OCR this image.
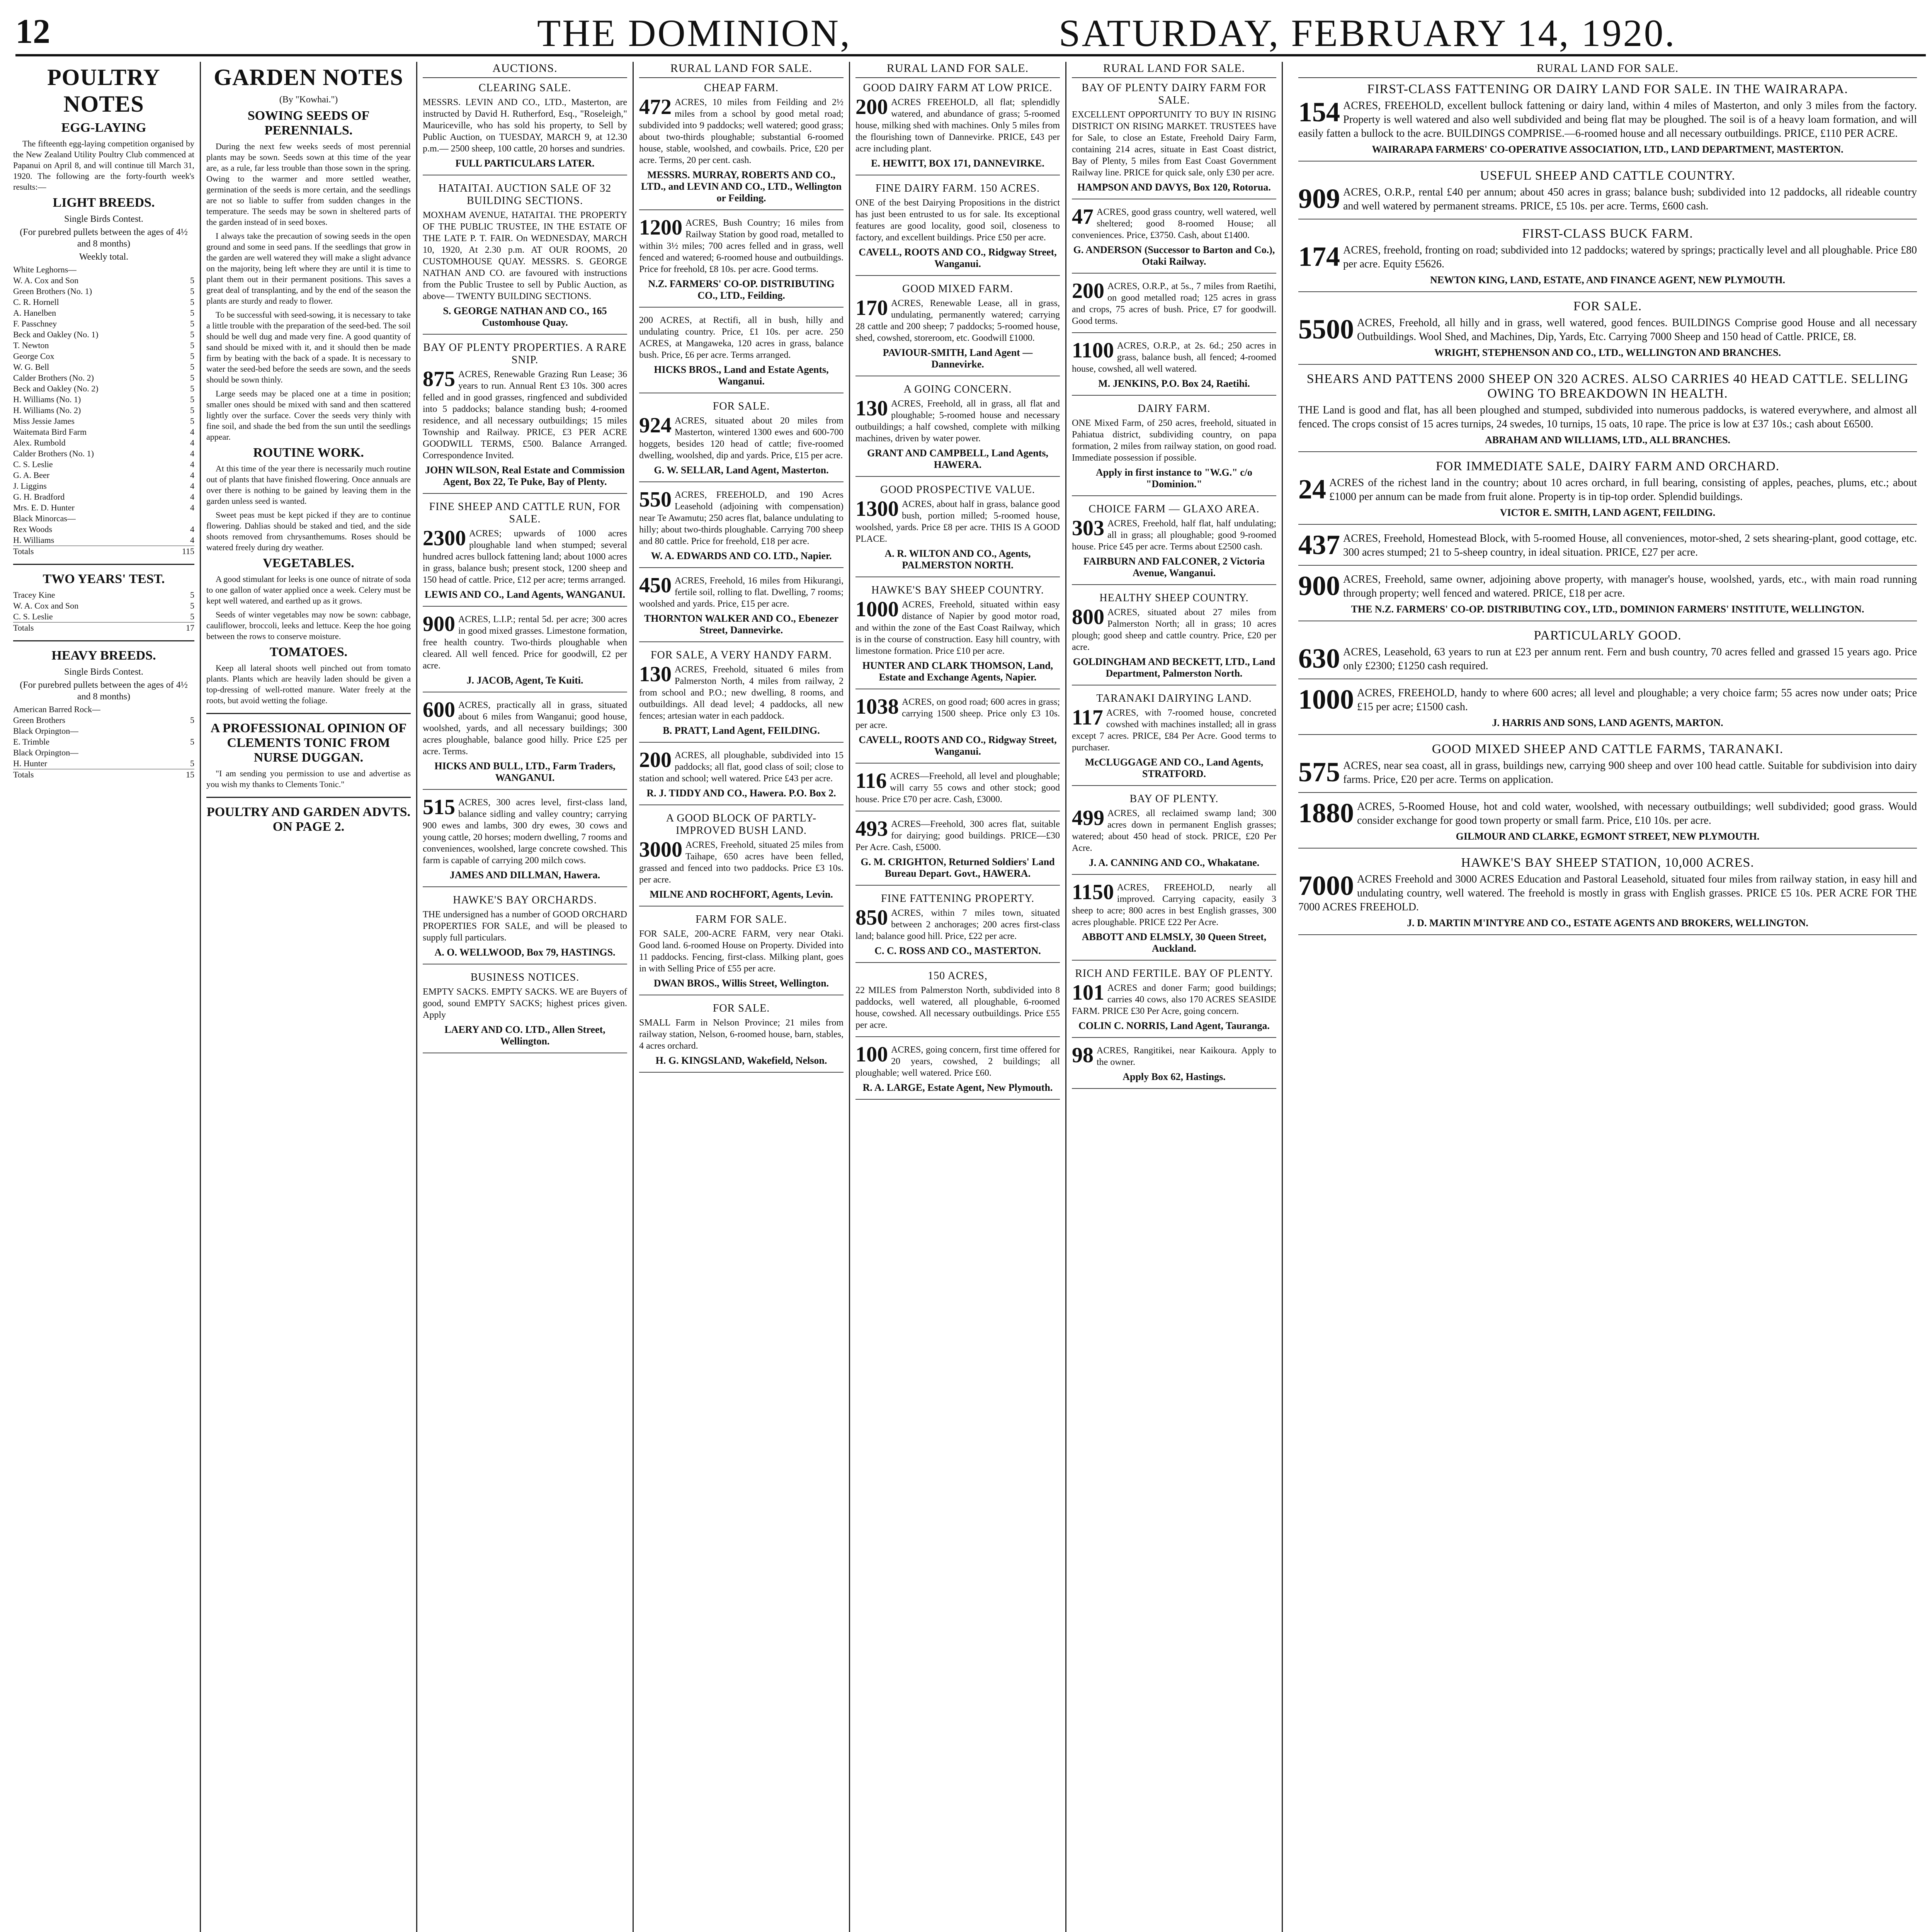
12	THE DOMINION,	SATURDAY, FEBRUARY 14, 1920.
POULTRY NOTES
EGG-LAYING

The fifteenth egg-laying competition organised by the New Zealand Utility Poultry Club commenced at Papanui on April 8, and will continue till March 31, 1920. The following are the forty-fourth week's results:—

LIGHT BREEDS.
Single Birds Contest.
(For purebred pullets between the ages of 4½ and 8 months)
Weekly total.
White Leghorns—
W. A. Cox and Son	5
Green Brothers (No. 1)	5
C. R. Hornell	5
A. Hanelben	5
F. Passchney	5
Beck and Oakley (No. 1)	5
T. Newton	5
George Cox	5
W. G. Bell	5
Calder Brothers (No. 2)	5
Beck and Oakley (No. 2)	5
H. Williams (No. 1)	5
H. Williams (No. 2)	5
Miss Jessie James	5
Waitemata Bird Farm	4
Alex. Rumbold	4
Calder Brothers (No. 1)	4
C. S. Leslie	4
G. A. Beer	4
J. Liggins	4
G. H. Bradford	4
Mrs. E. D. Hunter	4
Black Minorcas—
Rex Woods	4
H. Williams	4
Totals	115
TWO YEARS' TEST.
Tracey Kine	5
W. A. Cox and Son	5
C. S. Leslie	5
Totals	17
HEAVY BREEDS.
Single Birds Contest.
(For purebred pullets between the ages of 4½ and 8 months)
American Barred Rock—
Green Brothers	5
Black Orpington—
E. Trimble	5
Black Orpington—
H. Hunter	5
Totals	15
GARDEN NOTES
(By "Kowhai.")
SOWING SEEDS OF PERENNIALS.

During the next few weeks seeds of most perennial plants may be sown. Seeds sown at this time of the year are, as a rule, far less trouble than those sown in the spring. Owing to the warmer and more settled weather, germination of the seeds is more certain, and the seedlings are not so liable to suffer from sudden changes in the temperature. The seeds may be sown in sheltered parts of the garden instead of in seed boxes.

I always take the precaution of sowing seeds in the open ground and some in seed pans. If the seedlings that grow in the garden are well watered they will make a slight advance on the majority, being left where they are until it is time to plant them out in their permanent positions. This saves a great deal of transplanting, and by the end of the season the plants are sturdy and ready to flower.

To be successful with seed-sowing, it is necessary to take a little trouble with the preparation of the seed-bed. The soil should be well dug and made very fine. A good quantity of sand should be mixed with it, and it should then be made firm by beating with the back of a spade. It is necessary to water the seed-bed before the seeds are sown, and the seeds should be sown thinly.

Large seeds may be placed one at a time in position; smaller ones should be mixed with sand and then scattered lightly over the surface. Cover the seeds very thinly with fine soil, and shade the bed from the sun until the seedlings appear.

ROUTINE WORK.

At this time of the year there is necessarily much routine out of plants that have finished flowering. Once annuals are over there is nothing to be gained by leaving them in the garden unless seed is wanted.

Sweet peas must be kept picked if they are to continue flowering. Dahlias should be staked and tied, and the side shoots removed from chrysanthemums. Roses should be watered freely during dry weather.

VEGETABLES.

A good stimulant for leeks is one ounce of nitrate of soda to one gallon of water applied once a week. Celery must be kept well watered, and earthed up as it grows.

Seeds of winter vegetables may now be sown: cabbage, cauliflower, broccoli, leeks and lettuce. Keep the hoe going between the rows to conserve moisture.

TOMATOES.

Keep all lateral shoots well pinched out from tomato plants. Plants which are heavily laden should be given a top-dressing of well-rotted manure. Water freely at the roots, but avoid wetting the foliage.

A PROFESSIONAL OPINION OF CLEMENTS TONIC FROM NURSE DUGGAN.

"I am sending you permission to use and advertise as you wish my thanks to Clements Tonic."

POULTRY AND GARDEN ADVTS. ON PAGE 2.
AUCTIONS.
CLEARING SALE.
MESSRS. LEVIN AND CO., LTD., Masterton, are instructed by David H. Rutherford, Esq., "Roseleigh," Mauriceville, who has sold his property, to Sell by Public Auction, on TUESDAY, MARCH 9, at 12.30 p.m.— 2500 sheep, 100 cattle, 20 horses and sundries.
FULL PARTICULARS LATER.
HATAITAI. AUCTION SALE OF 32 BUILDING SECTIONS.
MOXHAM AVENUE, HATAITAI. THE PROPERTY OF THE PUBLIC TRUSTEE, IN THE ESTATE OF THE LATE P. T. FAIR. On WEDNESDAY, MARCH 10, 1920, At 2.30 p.m. AT OUR ROOMS, 20 CUSTOMHOUSE QUAY. MESSRS. S. GEORGE NATHAN AND CO. are favoured with instructions from the Public Trustee to sell by Public Auction, as above— TWENTY BUILDING SECTIONS.
S. GEORGE NATHAN AND CO., 165 Customhouse Quay.
BAY OF PLENTY PROPERTIES. A RARE SNIP.
875 ACRES, Renewable Grazing Run Lease; 36 years to run. Annual Rent £3 10s. 300 acres felled and in good grasses, ringfenced and subdivided into 5 paddocks; balance standing bush; 4-roomed residence, and all necessary outbuildings; 15 miles Township and Railway. PRICE, £3 PER ACRE GOODWILL TERMS, £500. Balance Arranged. Correspondence Invited.
JOHN WILSON, Real Estate and Commission Agent, Box 22, Te Puke, Bay of Plenty.
FINE SHEEP AND CATTLE RUN, FOR SALE.
2300 ACRES; upwards of 1000 acres ploughable land when stumped; several hundred acres bullock fattening land; about 1000 acres in grass, balance bush; present stock, 1200 sheep and 150 head of cattle. Price, £12 per acre; terms arranged.
LEWIS AND CO., Land Agents, WANGANUI.
900 ACRES, L.I.P.; rental 5d. per acre; 300 acres in good mixed grasses. Limestone formation, free health country. Two-thirds ploughable when cleared. All well fenced. Price for goodwill, £2 per acre.
J. JACOB, Agent, Te Kuiti.
600 ACRES, practically all in grass, situated about 6 miles from Wanganui; good house, woolshed, yards, and all necessary buildings; 300 acres ploughable, balance good hilly. Price £25 per acre. Terms.
HICKS AND BULL, LTD., Farm Traders, WANGANUI.
515 ACRES, 300 acres level, first-class land, balance sidling and valley country; carrying 900 ewes and lambs, 300 dry ewes, 30 cows and young cattle, 20 horses; modern dwelling, 7 rooms and conveniences, woolshed, large concrete cowshed. This farm is capable of carrying 200 milch cows.
JAMES AND DILLMAN, Hawera.
HAWKE'S BAY ORCHARDS.
THE undersigned has a number of GOOD ORCHARD PROPERTIES FOR SALE, and will be pleased to supply full particulars.
A. O. WELLWOOD, Box 79, HASTINGS.
BUSINESS NOTICES.
EMPTY SACKS. EMPTY SACKS. WE are Buyers of good, sound EMPTY SACKS; highest prices given. Apply
LAERY AND CO. LTD., Allen Street, Wellington.
RURAL LAND FOR SALE.
CHEAP FARM.
472 ACRES, 10 miles from Feilding and 2½ miles from a school by good metal road; subdivided into 9 paddocks; well watered; good grass; about two-thirds ploughable; substantial 6-roomed house, stable, woolshed, and cowbails. Price, £20 per acre. Terms, 20 per cent. cash.
MESSRS. MURRAY, ROBERTS AND CO., LTD., and LEVIN AND CO., LTD., Wellington or Feilding.
1200 ACRES, Bush Country; 16 miles from Railway Station by good road, metalled to within 3½ miles; 700 acres felled and in grass, well fenced and watered; 6-roomed house and outbuildings. Price for freehold, £8 10s. per acre. Good terms.
N.Z. FARMERS' CO-OP. DISTRIBUTING CO., LTD., Feilding.
200 ACRES, at Rectifi, all in bush, hilly and undulating country. Price, £1 10s. per acre. 250 ACRES, at Mangaweka, 120 acres in grass, balance bush. Price, £6 per acre. Terms arranged.
HICKS BROS., Land and Estate Agents, Wanganui.
FOR SALE.
924 ACRES, situated about 20 miles from Masterton, wintered 1300 ewes and 600-700 hoggets, besides 120 head of cattle; five-roomed dwelling, woolshed, dip and yards. Price, £15 per acre.
G. W. SELLAR, Land Agent, Masterton.
550 ACRES, FREEHOLD, and 190 Acres Leasehold (adjoining with compensation) near Te Awamutu; 250 acres flat, balance undulating to hilly; about two-thirds ploughable. Carrying 700 sheep and 80 cattle. Price for freehold, £18 per acre.
W. A. EDWARDS AND CO. LTD., Napier.
450 ACRES, Freehold, 16 miles from Hikurangi, fertile soil, rolling to flat. Dwelling, 7 rooms; woolshed and yards. Price, £15 per acre.
THORNTON WALKER AND CO., Ebenezer Street, Dannevirke.
FOR SALE, A VERY HANDY FARM.
130 ACRES, Freehold, situated 6 miles from Palmerston North, 4 miles from railway, 2 from school and P.O.; new dwelling, 8 rooms, and outbuildings. All dead level; 4 paddocks, all new fences; artesian water in each paddock.
B. PRATT, Land Agent, FEILDING.
200 ACRES, all ploughable, subdivided into 15 paddocks; all flat, good class of soil; close to station and school; well watered. Price £43 per acre.
R. J. TIDDY AND CO., Hawera. P.O. Box 2.
A GOOD BLOCK OF PARTLY-IMPROVED BUSH LAND.
3000 ACRES, Freehold, situated 25 miles from Taihape, 650 acres have been felled, grassed and fenced into two paddocks. Price £3 10s. per acre.
MILNE AND ROCHFORT, Agents, Levin.
FARM FOR SALE.
FOR SALE, 200-ACRE FARM, very near Otaki. Good land. 6-roomed House on Property. Divided into 11 paddocks. Fencing, first-class. Milking plant, goes in with Selling Price of £55 per acre.
DWAN BROS., Willis Street, Wellington.
FOR SALE.
SMALL Farm in Nelson Province; 21 miles from railway station, Nelson, 6-roomed house, barn, stables, 4 acres orchard.
H. G. KINGSLAND, Wakefield, Nelson.
RURAL LAND FOR SALE.
GOOD DAIRY FARM AT LOW PRICE.
200 ACRES FREEHOLD, all flat; splendidly watered, and abundance of grass; 5-roomed house, milking shed with machines. Only 5 miles from the flourishing town of Dannevirke. PRICE, £43 per acre including plant.
E. HEWITT, BOX 171, DANNEVIRKE.
FINE DAIRY FARM. 150 ACRES.
ONE of the best Dairying Propositions in the district has just been entrusted to us for sale. Its exceptional features are good locality, good soil, closeness to factory, and excellent buildings. Price £50 per acre.
CAVELL, ROOTS AND CO., Ridgway Street, Wanganui.
GOOD MIXED FARM.
170 ACRES, Renewable Lease, all in grass, undulating, permanently watered; carrying 28 cattle and 200 sheep; 7 paddocks; 5-roomed house, shed, cowshed, storeroom, etc. Goodwill £1000.
PAVIOUR-SMITH, Land Agent — Dannevirke.
A GOING CONCERN.
130 ACRES, Freehold, all in grass, all flat and ploughable; 5-roomed house and necessary outbuildings; a half cowshed, complete with milking machines, driven by water power.
GRANT AND CAMPBELL, Land Agents, HAWERA.
GOOD PROSPECTIVE VALUE.
1300 ACRES, about half in grass, balance good bush, portion milled; 5-roomed house, woolshed, yards. Price £8 per acre. THIS IS A GOOD PLACE.
A. R. WILTON AND CO., Agents, PALMERSTON NORTH.
HAWKE'S BAY SHEEP COUNTRY.
1000 ACRES, Freehold, situated within easy distance of Napier by good motor road, and within the zone of the East Coast Railway, which is in the course of construction. Easy hill country, with limestone formation. Price £10 per acre.
HUNTER AND CLARK THOMSON, Land, Estate and Exchange Agents, Napier.
1038 ACRES, on good road; 600 acres in grass; carrying 1500 sheep. Price only £3 10s. per acre.
CAVELL, ROOTS AND CO., Ridgway Street, Wanganui.
116 ACRES—Freehold, all level and ploughable; will carry 55 cows and other stock; good house. Price £70 per acre. Cash, £3000.
493 ACRES—Freehold, 300 acres flat, suitable for dairying; good buildings. PRICE—£30 Per Acre. Cash, £5000.
G. M. CRIGHTON, Returned Soldiers' Land Bureau Depart. Govt., HAWERA.
FINE FATTENING PROPERTY.
850 ACRES, within 7 miles town, situated between 2 anchorages; 200 acres first-class land; balance good hill. Price, £22 per acre.
C. C. ROSS AND CO., MASTERTON.
150 ACRES,
22 MILES from Palmerston North, subdivided into 8 paddocks, well watered, all ploughable, 6-roomed house, cowshed. All necessary outbuildings. Price £55 per acre.
100 ACRES, going concern, first time offered for 20 years, cowshed, 2 buildings; all ploughable; well watered. Price £60.
R. A. LARGE, Estate Agent, New Plymouth.
RURAL LAND FOR SALE.
BAY OF PLENTY DAIRY FARM FOR SALE.
EXCELLENT OPPORTUNITY TO BUY IN RISING DISTRICT ON RISING MARKET. TRUSTEES have for Sale, to close an Estate, Freehold Dairy Farm, containing 214 acres, situate in East Coast district, Bay of Plenty, 5 miles from East Coast Government Railway line. PRICE for quick sale, only £30 per acre.
HAMPSON AND DAVYS, Box 120, Rotorua.
47 ACRES, good grass country, well watered, well sheltered; good 8-roomed House; all conveniences. Price, £3750. Cash, about £1400.
G. ANDERSON (Successor to Barton and Co.), Otaki Railway.
200 ACRES, O.R.P., at 5s., 7 miles from Raetihi, on good metalled road; 125 acres in grass and crops, 75 acres of bush. Price, £7 for goodwill. Good terms.
1100 ACRES, O.R.P., at 2s. 6d.; 250 acres in grass, balance bush, all fenced; 4-roomed house, cowshed, all well watered.
M. JENKINS, P.O. Box 24, Raetihi.
DAIRY FARM.
ONE Mixed Farm, of 250 acres, freehold, situated in Pahiatua district, subdividing country, on papa formation, 2 miles from railway station, on good road. Immediate possession if possible.
Apply in first instance to "W.G." c/o "Dominion."
CHOICE FARM — GLAXO AREA.
303 ACRES, Freehold, half flat, half undulating; all in grass; all ploughable; good 9-roomed house. Price £45 per acre. Terms about £2500 cash.
FAIRBURN AND FALCONER, 2 Victoria Avenue, Wanganui.
HEALTHY SHEEP COUNTRY.
800 ACRES, situated about 27 miles from Palmerston North; all in grass; 10 acres plough; good sheep and cattle country. Price, £20 per acre.
GOLDINGHAM AND BECKETT, LTD., Land Department, Palmerston North.
TARANAKI DAIRYING LAND.
117 ACRES, with 7-roomed house, concreted cowshed with machines installed; all in grass except 7 acres. PRICE, £84 Per Acre. Good terms to purchaser.
McCLUGGAGE AND CO., Land Agents, STRATFORD.
BAY OF PLENTY.
499 ACRES, all reclaimed swamp land; 300 acres down in permanent English grasses; watered; about 450 head of stock. PRICE, £20 Per Acre.
J. A. CANNING AND CO., Whakatane.
1150 ACRES, FREEHOLD, nearly all improved. Carrying capacity, easily 3 sheep to acre; 800 acres in best English grasses, 300 acres ploughable. PRICE £22 Per Acre.
ABBOTT AND ELMSLY, 30 Queen Street, Auckland.
RICH AND FERTILE. BAY OF PLENTY.
101 ACRES and doner Farm; good buildings; carries 40 cows, also 170 ACRES SEASIDE FARM. PRICE £30 Per Acre, going concern.
COLIN C. NORRIS, Land Agent, Tauranga.
98 ACRES, Rangitikei, near Kaikoura. Apply to the owner.
Apply Box 62, Hastings.
RURAL LAND FOR SALE.
FIRST-CLASS FATTENING OR DAIRY LAND FOR SALE. IN THE WAIRARAPA.
154 ACRES, FREEHOLD, excellent bullock fattening or dairy land, within 4 miles of Masterton, and only 3 miles from the factory. Property is well watered and also well subdivided and being flat may be ploughed. The soil is of a heavy loam formation, and will easily fatten a bullock to the acre. BUILDINGS COMPRISE.—6-roomed house and all necessary outbuildings. PRICE, £110 PER ACRE.
WAIRARAPA FARMERS' CO-OPERATIVE ASSOCIATION, LTD., LAND DEPARTMENT, MASTERTON.
USEFUL SHEEP AND CATTLE COUNTRY.
909 ACRES, O.R.P., rental £40 per annum; about 450 acres in grass; balance bush; subdivided into 12 paddocks, all rideable country and well watered by permanent streams. PRICE, £5 10s. per acre. Terms, £600 cash.
FIRST-CLASS BUCK FARM.
174 ACRES, freehold, fronting on road; subdivided into 12 paddocks; watered by springs; practically level and all ploughable. Price £80 per acre. Equity £5626.
NEWTON KING, LAND, ESTATE, AND FINANCE AGENT, NEW PLYMOUTH.
FOR SALE.
5500 ACRES, Freehold, all hilly and in grass, well watered, good fences. BUILDINGS Comprise good House and all necessary Outbuildings. Wool Shed, and Machines, Dip, Yards, Etc. Carrying 7000 Sheep and 150 head of Cattle. PRICE, £8.
WRIGHT, STEPHENSON AND CO., LTD., WELLINGTON AND BRANCHES.
SHEARS AND PATTENS 2000 SHEEP ON 320 ACRES. ALSO CARRIES 40 HEAD CATTLE. SELLING OWING TO BREAKDOWN IN HEALTH.
THE Land is good and flat, has all been ploughed and stumped, subdivided into numerous paddocks, is watered everywhere, and almost all fenced. The crops consist of 15 acres turnips, 24 swedes, 10 turnips, 15 oats, 10 rape. The price is low at £37 10s.; cash about £6500.
ABRAHAM AND WILLIAMS, LTD., ALL BRANCHES.
FOR IMMEDIATE SALE, DAIRY FARM AND ORCHARD.
24 ACRES of the richest land in the country; about 10 acres orchard, in full bearing, consisting of apples, peaches, plums, etc.; about £1000 per annum can be made from fruit alone. Property is in tip-top order. Splendid buildings.
VICTOR E. SMITH, LAND AGENT, FEILDING.
437 ACRES, Freehold, Homestead Block, with 5-roomed House, all conveniences, motor-shed, 2 sets shearing-plant, good cottage, etc. 300 acres stumped; 21 to 5-sheep country, in ideal situation. PRICE, £27 per acre.
900 ACRES, Freehold, same owner, adjoining above property, with manager's house, woolshed, yards, etc., with main road running through property; well fenced and watered. PRICE, £18 per acre.
THE N.Z. FARMERS' CO-OP. DISTRIBUTING COY., LTD., DOMINION FARMERS' INSTITUTE, WELLINGTON.
PARTICULARLY GOOD.
630 ACRES, Leasehold, 63 years to run at £23 per annum rent. Fern and bush country, 70 acres felled and grassed 15 years ago. Price only £2300; £1250 cash required.
1000 ACRES, FREEHOLD, handy to where 600 acres; all level and ploughable; a very choice farm; 55 acres now under oats; Price £15 per acre; £1500 cash.
J. HARRIS AND SONS, LAND AGENTS, MARTON.
GOOD MIXED SHEEP AND CATTLE FARMS, TARANAKI.
575 ACRES, near sea coast, all in grass, buildings new, carrying 900 sheep and over 100 head cattle. Suitable for subdivision into dairy farms. Price, £20 per acre. Terms on application.
1880 ACRES, 5-Roomed House, hot and cold water, woolshed, with necessary outbuildings; well subdivided; good grass. Would consider exchange for good town property or small farm. Price, £10 10s. per acre.
GILMOUR AND CLARKE, EGMONT STREET, NEW PLYMOUTH.
HAWKE'S BAY SHEEP STATION, 10,000 ACRES.
7000 ACRES Freehold and 3000 ACRES Education and Pastoral Leasehold, situated four miles from railway station, in easy hill and undulating country, well watered. The freehold is mostly in grass with English grasses. PRICE £5 10s. PER ACRE FOR THE 7000 ACRES FREEHOLD.
J. D. MARTIN M'INTYRE AND CO., ESTATE AGENTS AND BROKERS, WELLINGTON.
